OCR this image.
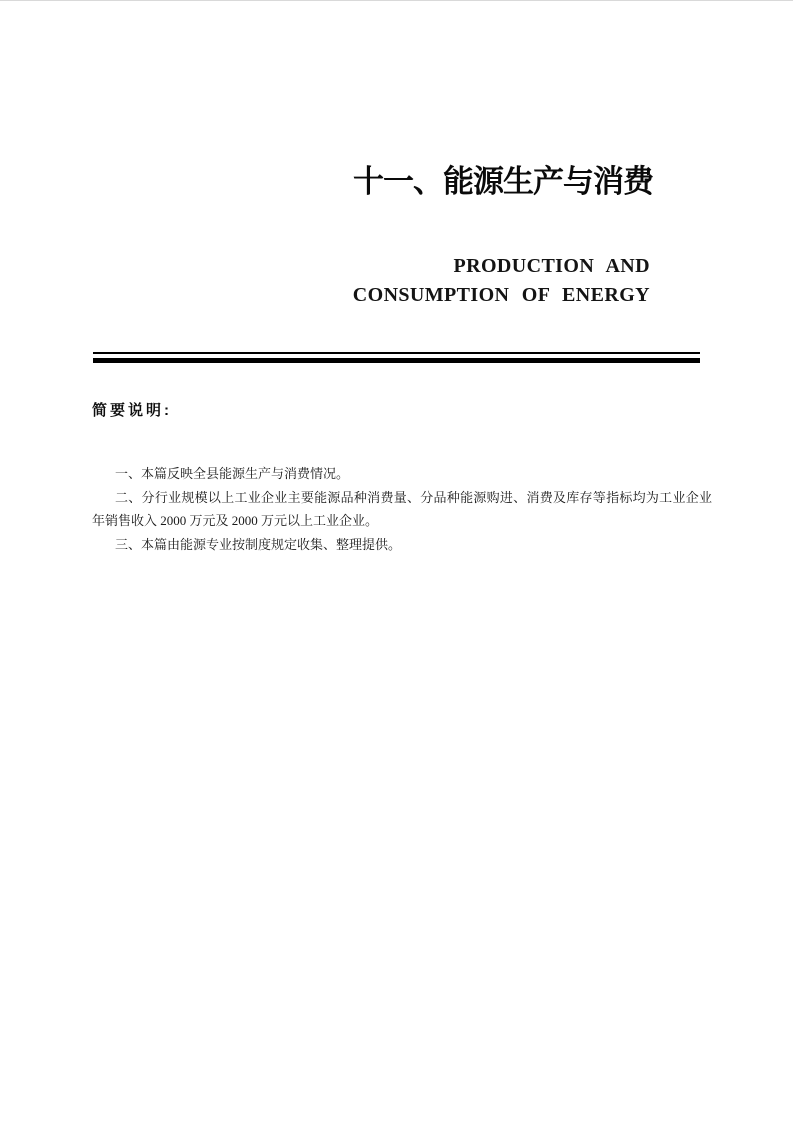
十一、能源生产与消费
PRODUCTION AND
CONSUMPTION OF ENERGY
简要说明:
一、本篇反映全县能源生产与消费情况。
二、分行业规模以上工业企业主要能源品种消费量、分品种能源购进、消费及库存等指标均为工业企业
年销售收入 2000 万元及 2000 万元以上工业企业。
三、本篇由能源专业按制度规定收集、整理提供。
